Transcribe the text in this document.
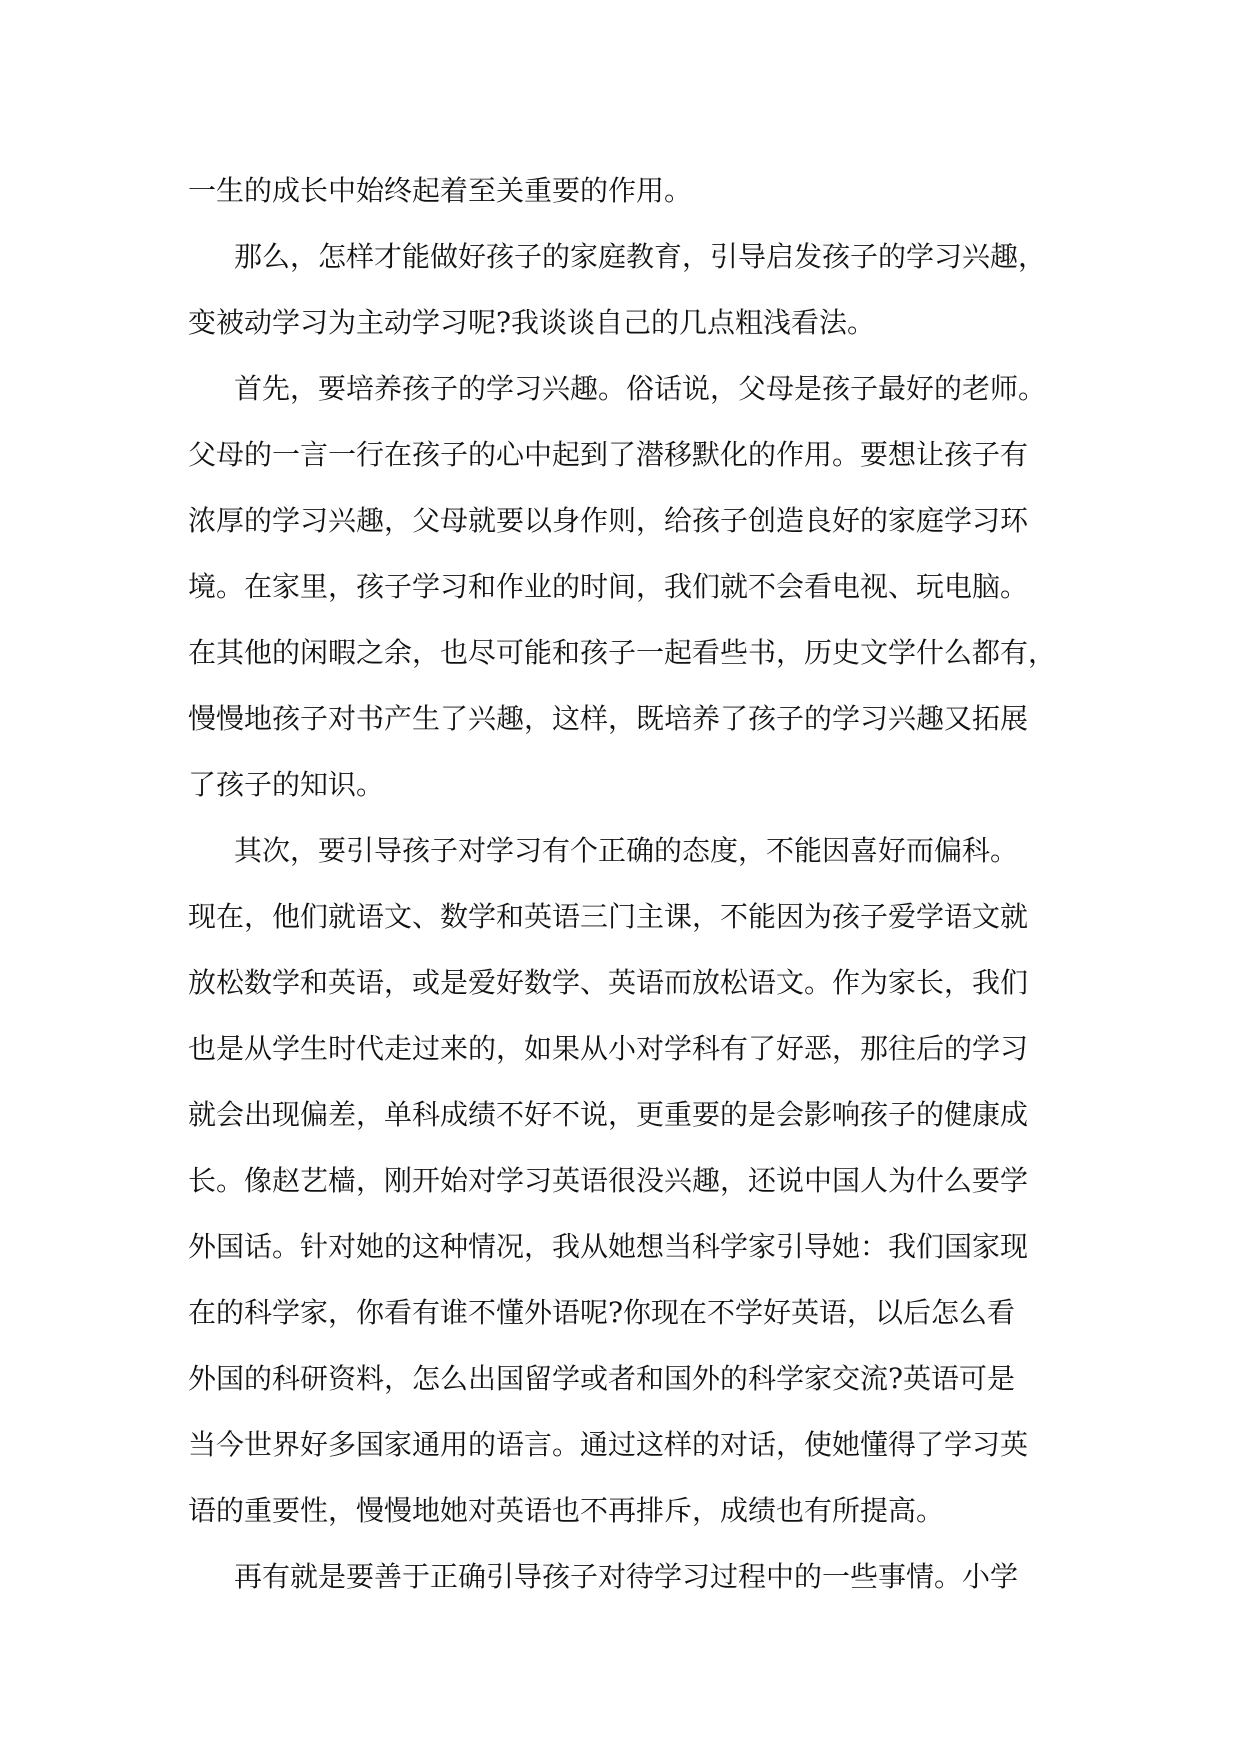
一生的成长中始终起着至关重要的作用。
那么，怎样才能做好孩子的家庭教育，引导启发孩子的学习兴趣，
变被动学习为主动学习呢?我谈谈自己的几点粗浅看法。
首先，要培养孩子的学习兴趣。俗话说，父母是孩子最好的老师。
父母的一言一行在孩子的心中起到了潜移默化的作用。要想让孩子有
浓厚的学习兴趣，父母就要以身作则，给孩子创造良好的家庭学习环
境。在家里，孩子学习和作业的时间，我们就不会看电视、玩电脑。
在其他的闲暇之余，也尽可能和孩子一起看些书，历史文学什么都有，
慢慢地孩子对书产生了兴趣，这样，既培养了孩子的学习兴趣又拓展
了孩子的知识。
其次，要引导孩子对学习有个正确的态度，不能因喜好而偏科。
现在，他们就语文、数学和英语三门主课，不能因为孩子爱学语文就
放松数学和英语，或是爱好数学、英语而放松语文。作为家长，我们
也是从学生时代走过来的，如果从小对学科有了好恶，那往后的学习
就会出现偏差，单科成绩不好不说，更重要的是会影响孩子的健康成
长。像赵艺樯，刚开始对学习英语很没兴趣，还说中国人为什么要学
外国话。针对她的这种情况，我从她想当科学家引导她：我们国家现
在的科学家，你看有谁不懂外语呢?你现在不学好英语，以后怎么看
外国的科研资料，怎么出国留学或者和国外的科学家交流?英语可是
当今世界好多国家通用的语言。通过这样的对话，使她懂得了学习英
语的重要性，慢慢地她对英语也不再排斥，成绩也有所提高。
再有就是要善于正确引导孩子对待学习过程中的一些事情。小学
